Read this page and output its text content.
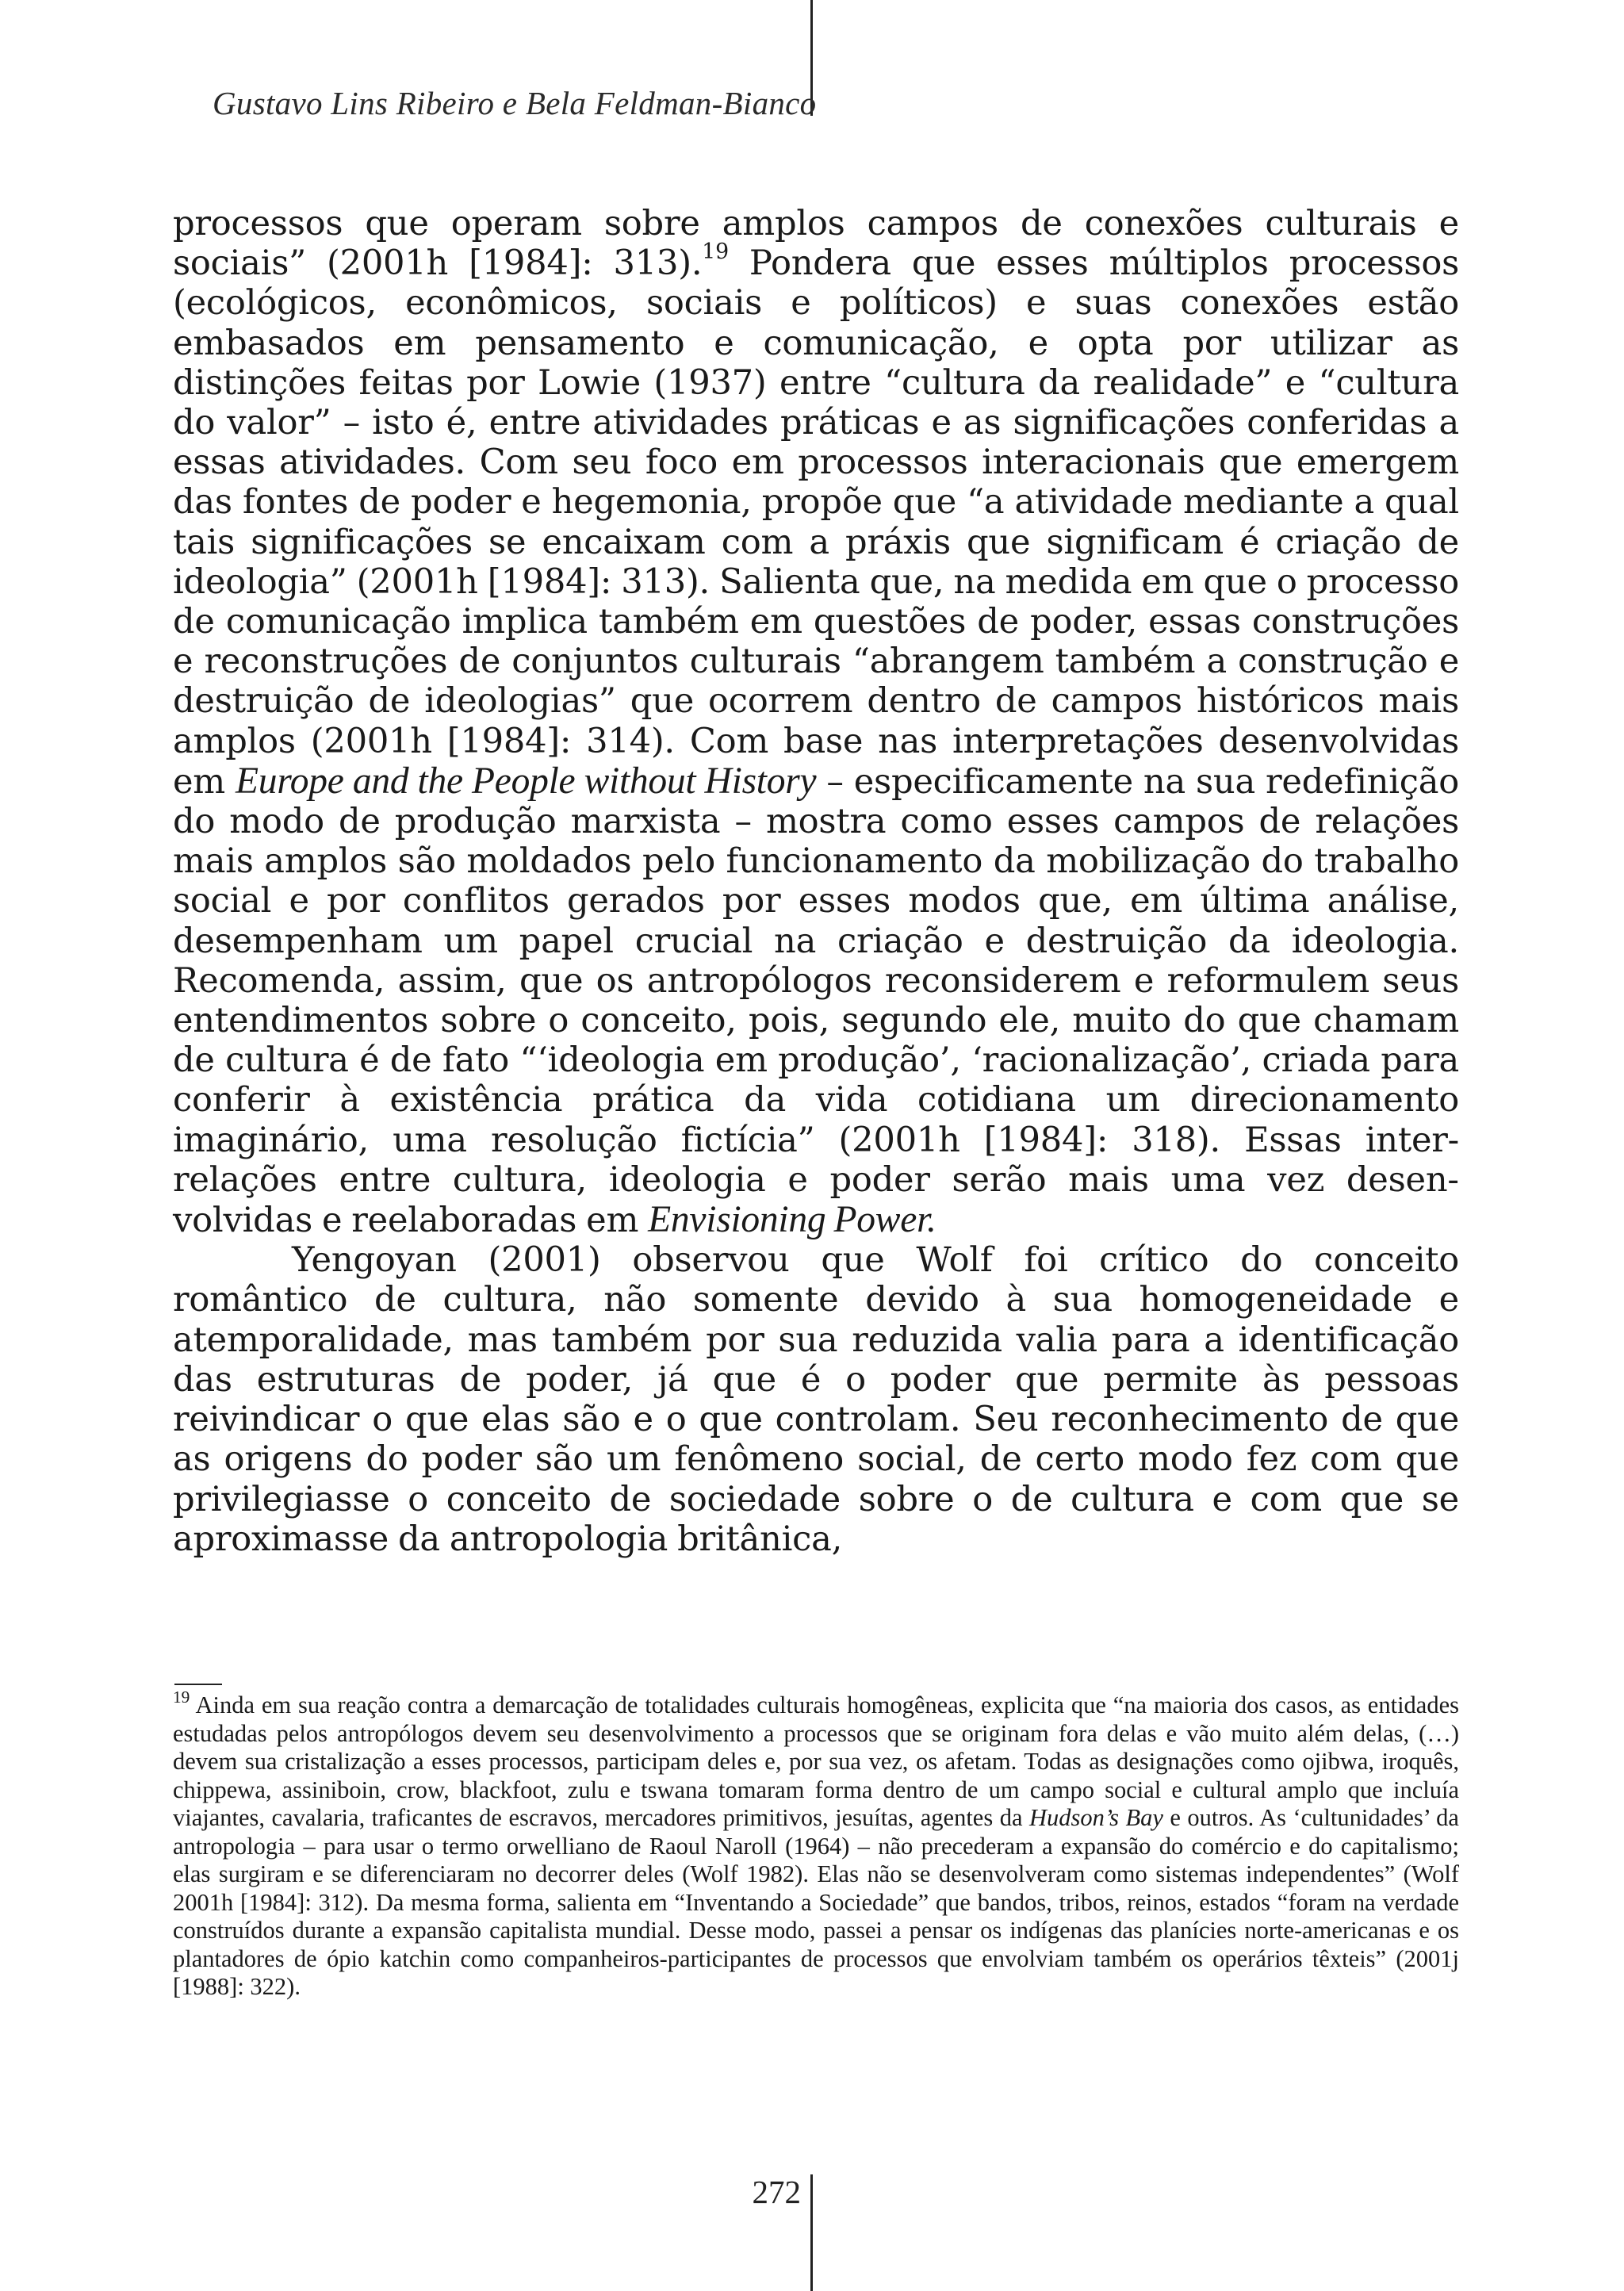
Gustavo Lins Ribeiro e Bela Feldman-Bianco

processos que operam sobre amplos campos de conexões culturais e sociais” (2001h [1984]: 313).$^{19}$ Pondera que esses múltiplos processos (ecológicos, econômicos, sociais e políticos) e suas conexões estão embasados em pensamento e comunicação, e opta por utilizar as distinções feitas por Lowie (1937) entre “cultura da realidade” e “cultura do valor” – isto é, entre atividades práticas e as significações conferidas a essas atividades. Com seu foco em processos interacionais que emergem das fontes de poder e hegemonia, propõe que “a atividade mediante a qual tais significações se encaixam com a práxis que significam é criação de ideologia” (2001h [1984]: 313). Salienta que, na medida em que o processo de comunicação implica também em questões de poder, essas construções e reconstruções de conjuntos culturais “abrangem também a construção e destruição de ideologias” que ocorrem dentro de campos históricos mais amplos (2001h [1984]: 314). Com base nas interpretações desenvolvidas em Europe and the People without History – especificamente na sua redefinição do modo de produção marxista – mostra como esses campos de relações mais amplos são moldados pelo funcionamento da mobilização do trabalho social e por conflitos gerados por esses modos que, em última análise, desempenham um papel crucial na criação e destruição da ideologia. Recomenda, assim, que os antropólogos reconsiderem e reformulem seus entendimentos sobre o conceito, pois, segundo ele, muito do que chamam de cultura é de fato “‘ideologia em produção’, ‘racionalização’, criada para conferir à existência prática da vida cotidiana um direcionamento imaginário, uma resolução fictícia” (2001h [1984]: 318). Essas inter-relações entre cultura, ideologia e poder serão mais uma vez desenvolvidas e reelaboradas em Envisioning Power.

Yengoyan (2001) observou que Wolf foi crítico do conceito romântico de cultura, não somente devido à sua homogeneidade e atemporalidade, mas também por sua reduzida valia para a identificação das estruturas de poder, já que é o poder que permite às pessoas reivindicar o que elas são e o que controlam. Seu reconhecimento de que as origens do poder são um fenômeno social, de certo modo fez com que privilegiasse o conceito de sociedade sobre o de cultura e com que se aproximasse da antropologia britânica,

$^{19}$ Ainda em sua reação contra a demarcação de totalidades culturais homogêneas, explicita que “na maioria dos casos, as entidades estudadas pelos antropólogos devem seu desenvolvimento a processos que se originam fora delas e vão muito além delas, (…) devem sua cristalização a esses processos, participam deles e, por sua vez, os afetam. Todas as designações como ojibwa, iroquês, chippewa, assiniboin, crow, blackfoot, zulu e tswana tomaram forma dentro de um campo social e cultural amplo que incluía viajantes, cavalaria, traficantes de escravos, mercadores primitivos, jesuítas, agentes da Hudson’s Bay e outros. As ‘cultunidades’ da antropologia – para usar o termo orwelliano de Raoul Naroll (1964) – não precederam a expansão do comércio e do capitalismo; elas surgiram e se diferenciaram no decorrer deles (Wolf 1982). Elas não se desenvolveram como sistemas independentes” (Wolf 2001h [1984]: 312). Da mesma forma, salienta em “Inventando a Sociedade” que bandos, tribos, reinos, estados “foram na verdade construídos durante a expansão capitalista mundial. Desse modo, passei a pensar os indígenas das planícies norte-americanas e os plantadores de ópio katchin como companheiros-participantes de processos que envolviam também os operários têxteis” (2001j [1988]: 322).

272
